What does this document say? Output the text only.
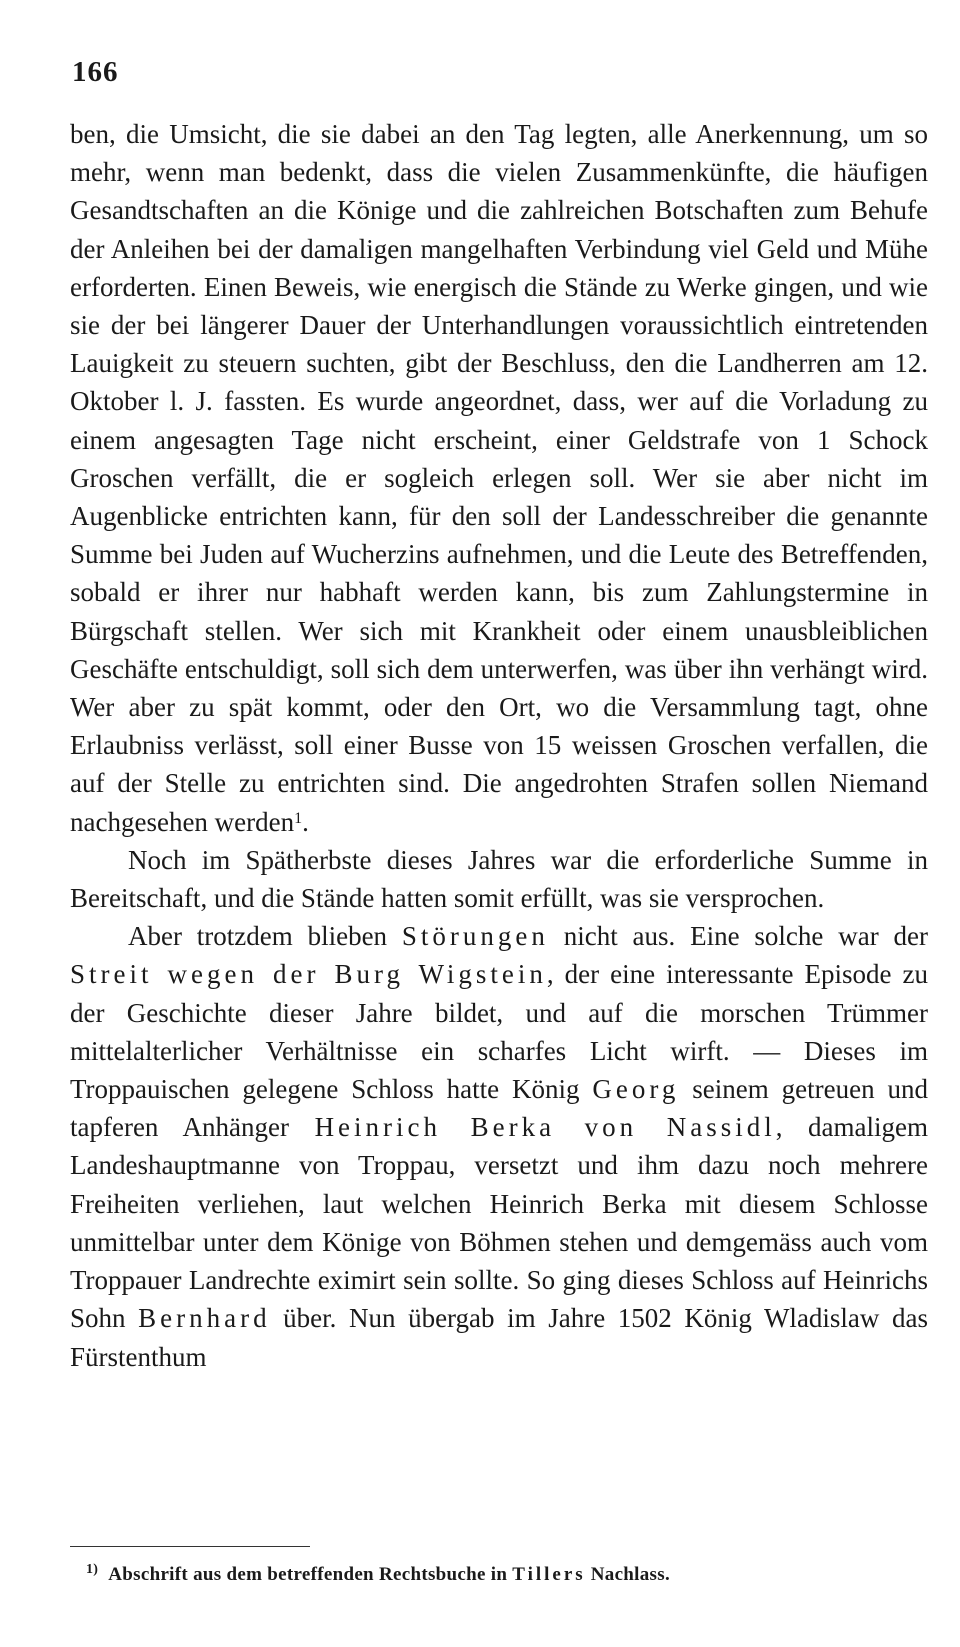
166

ben, die Umsicht, die sie dabei an den Tag legten, alle Anerkennung, um so mehr, wenn man bedenkt, dass die vielen Zusammenkünfte, die häufigen Gesandtschaften an die Könige und die zahlreichen Botschaften zum Behufe der Anleihen bei der damaligen mangelhaften Verbindung viel Geld und Mühe erforderten. Einen Beweis, wie energisch die Stände zu Werke gingen, und wie sie der bei längerer Dauer der Unterhandlungen voraussichtlich eintretenden Lauigkeit zu steuern suchten, gibt der Beschluss, den die Landherren am 12. Oktober l. J. fassten. Es wurde angeordnet, dass, wer auf die Vorladung zu einem angesagten Tage nicht erscheint, einer Geldstrafe von 1 Schock Groschen verfällt, die er sogleich erlegen soll. Wer sie aber nicht im Augenblicke entrichten kann, für den soll der Landesschreiber die genannte Summe bei Juden auf Wucherzins aufnehmen, und die Leute des Betreffenden, sobald er ihrer nur habhaft werden kann, bis zum Zahlungstermine in Bürgschaft stellen. Wer sich mit Krankheit oder einem unausbleiblichen Geschäfte entschuldigt, soll sich dem unterwerfen, was über ihn verhängt wird. Wer aber zu spät kommt, oder den Ort, wo die Versammlung tagt, ohne Erlaubniss verlässt, soll einer Busse von 15 weissen Groschen verfallen, die auf der Stelle zu entrichten sind. Die angedrohten Strafen sollen Niemand nachgesehen werden$^1$.

Noch im Spätherbste dieses Jahres war die erforderliche Summe in Bereitschaft, und die Stände hatten somit erfüllt, was sie versprochen.

Aber trotzdem blieben Störungen nicht aus. Eine solche war der Streit wegen der Burg Wigstein, der eine interessante Episode zu der Geschichte dieser Jahre bildet, und auf die morschen Trümmer mittelalterlicher Verhältnisse ein scharfes Licht wirft. — Dieses im Troppauischen gelegene Schloss hatte König Georg seinem getreuen und tapferen Anhänger Heinrich Berka von Nassidl, damaligem Landeshauptmanne von Troppau, versetzt und ihm dazu noch mehrere Freiheiten verliehen, laut welchen Heinrich Berka mit diesem Schlosse unmittelbar unter dem Könige von Böhmen stehen und demgemäss auch vom Troppauer Landrechte eximirt sein sollte. So ging dieses Schloss auf Heinrichs Sohn Bernhard über. Nun übergab im Jahre 1502 König Wladislaw das Fürstenthum

$^{1)}$ Abschrift aus dem betreffenden Rechtsbuche in Tillers Nachlass.
